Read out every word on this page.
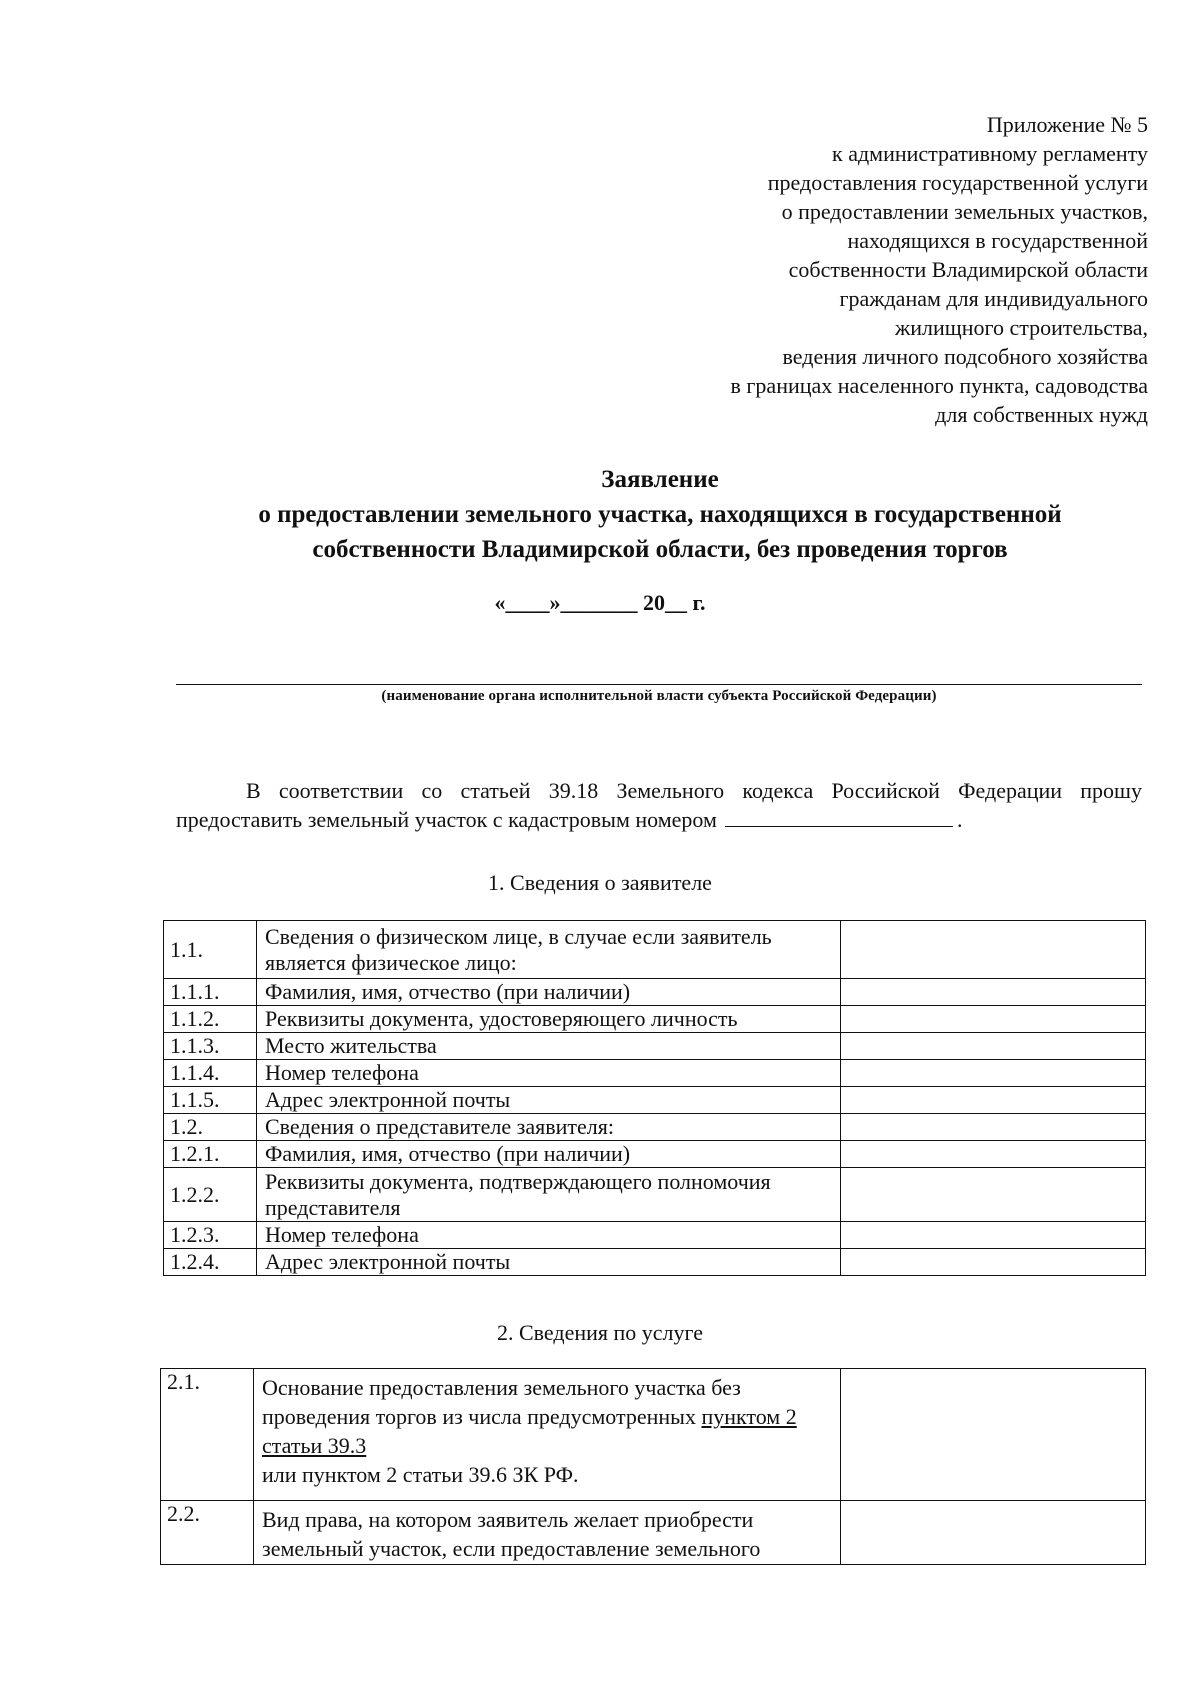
Приложение № 5
к административному регламенту
предоставления государственной услуги
о предоставлении земельных участков,
находящихся в государственной
собственности Владимирской области
гражданам для индивидуального
жилищного строительства,
ведения личного подсобного хозяйства
в границах населенного пункта, садоводства
для собственных нужд
Заявление
о предоставлении земельного участка, находящихся в государственной
собственности Владимирской области, без проведения торгов
«____»_______ 20__ г.
(наименование органа исполнительной власти субъекта Российской Федерации)
В соответствии со статьей 39.18 Земельного кодекса Российской Федерации прошу предоставить земельный участок с кадастровым номером	.
1. Сведения о заявителе
1.1.	Сведения о физическом лице, в случае если заявитель является физическое лицо:	
1.1.1.	Фамилия, имя, отчество (при наличии)	
1.1.2.	Реквизиты документа, удостоверяющего личность	
1.1.3.	Место жительства	
1.1.4.	Номер телефона	
1.1.5.	Адрес электронной почты	
1.2.	Сведения о представителе заявителя:	
1.2.1.	Фамилия, имя, отчество (при наличии)	
1.2.2.	Реквизиты документа, подтверждающего полномочия представителя	
1.2.3.	Номер телефона	
1.2.4.	Адрес электронной почты	
2. Сведения по услуге
2.1.	Основание предоставления земельного участка без проведения торгов из числа предусмотренных пунктом 2 статьи 39.3
или пунктом 2 статьи 39.6 ЗК РФ.	
2.2.	Вид права, на котором заявитель желает приобрести земельный участок, если предоставление земельного	
